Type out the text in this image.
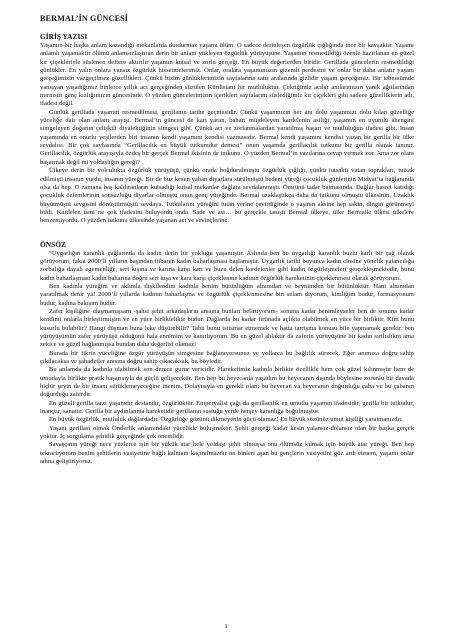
BERMAL’İN GÜNCESİ
GİRİŞ YAZISI

Yaşamın bir başka anlam kazandığı mekanlarda durdurmaz yaşamı ölüm. O sadece derinleşen özgürlük çığlığında ince bir kavşaktır. Yaşamı anlamlı yaşamaktır ölümü anlamsızlaştıran derin bir anlam yükleyen özgürlük yürüyüşüne. Yaşamın resmedildiği özenle hazırlanan en güzel kır çiçekleriyle süslenen deftere aktırılır yaşamın kutsal ve zorlu gerçeği. En büyük değerlerden biridir. Gerillada güncelerin resmedildiği günlükler. En yalın onlara yansız özgürlük hissetmelerimiz. Onlar, oralara yaşamımızın gizemli perdesini ve onlar bir daha anlatır yaşam gerçeğimizin vazgeçilmez güzellikleri. Çünkü bizim günlüklerimizin sayfalarına satır aralarında gizlidir yaşam gerçeğimiz. Bir tebessümde yansıyan yaşadığımız binlerce yıllık acı gerçeğinden süzülen Kürdistani bir mutluluktur. Çektiğimiz acılar anılarımızın yanık ağıtlarından mırnıstır genç kızlığımızın güncesinde. O yüzden güncelerimizin içerikleri sayfalarını süslediğimiz kır çiçekleri gibi sadece güzelliklerin adı, ifadesi değil.

Günlük gerillada yaşamın resmedilmesi, gerillanın tarihe geçmesidir. Çünkü yaşanmızın her anı dolu yaşanmızı dolu kılan güzelliğe yüceliğe dair olan anlam arayışı. Bermal’in güncesi de kari yaran, baharı müjdeleyen kardelenin asiliği, yaşamın en uyumlu ahengini simgeleyen doğanın çelişkili diyalektiğinin simgesi gibi. Çünkü acı ve zorlanmalardan yaratılmış başarı ve mutluluğun ifadesi gibi. İnsan yaşamında en onurlu yeşilerden biri insanın kendi yaşamını kendisi yazmasıdır. Bermal kendi yaşamını kendisi yazan bir gerilla bir ülke sevdalısı. Bir çok sayfasında “Gerillacılık en büyük tutkumdur demesi” onun yaşamda gerillacılık tutkunu bir gerilla olarak tanınır. Gerillacılık, özgürlük arayışıyla özdeş bir gerçek Bermal ikisinin de tutkunu. O yüzden Bermal’in yazılarına cevap vermek zor. Ama zor olanı başarmak değil mi yoldaşlığın gereği?

Ülkeye derin bir yolculukta özgürlük yürüyüşü, çünkü orada boğdurulmuştu özgürlük çığlığı, çünkü tutsaktı vatan toprakları, tutsak edilmişti insanın yurdu, insanın yüreği. Bir de buz kesen yaban diyarlara sürülmüştü bedeni yüreği çocukluk günlerinin Midyat’ta bağlanında olsa da hep. O zamana baş kaldıranların kutsadığı kutsal mekanlar dağlara sevdalanmıştı. Ömrünü tadar batmasında. Dağlar hasret katıdığı çocukluk özlemlerinin sonsuzluğu diyarlar olmuştu onun genç yüreğinde. Bermal uzaklaştıkça daha da tutkunu olmuştu ülkesinin. Uzaklık büyütmüştü sevgisini dönüştürmüştü sevdaya. Tutkularını yüreğini tutan yerine çevirdiğinde o yaşının aksine hep sakin, dingin görünmeyi bildi. Kardelen ismi ne çok ifadesini buluyordu onda. Sade ve asi… bu gerçekle tanıştı Bermal ülkeye, ülke Bermalle ülkesi ülkelere benzemiyordu. O yüzden tutkunu ülkesinde yaşanan acı ve sevinçlerine.

ÖNSÖZ

“Uygarlığın karanlık çağlarında da kadın derin bir yokluğu yaşamıştır. Aslında ben bu uygarlığı karanlık buzlu karlı bir çağ olarak görüyorum, fakat 2000’li yılların başından itibaren kadın baharlaşması başlamıştır. Uygarlık tarihi boyunca kadın cinsine yönelik yalancılığa zorbalığa dayalı egemenliğe, sert kışına ve karına karşı karı ve buzu delen kardelenler gibi kadın özgürleşmeleri gerçekleşmektedir, bunu kadın baharlaşması kadın baharına doğru sert kışa ve kara karşı çiçeklenme kadının özgürlük hareketinin çiçeklenmesi olarak görüyorum.

Ben kadınla yüreğim ve aklımla ilişkilendim kadınla benim bütünlüğüm alnımdan ve beynimden bir bütünlüktür. Hani alnımdan yaratılmak denir ya! 2000’li yıllarda kadının baharlaşma ve özgürlük çiçeklenmesine bin selam diyorum, kimliğim budur, formasyonum budur, kadına bakışım budur.

Zafer kişiliğine ulaşmamışsam -şahsi şehit arkadaşların anısına bunları belirtiyorum- sonuna kadar benimleyseler ben de sonuna kadar kendimi onlarla birleştirmişim ve en yüce birliktelikte budur. Dağlarda bu kadar firtınada açlıkta olabilmek en yüce bir birliktir. Kim bunu kusurlu bulabilir? Hangi düşman buna leke düşürebilir? Tabii bunu istismar etmemek ve hatta tarrişma konusu bile yapmamak gerekir. ben yürüyüşümün zafer yürüyüşü olduğunu hala ennimim ve kanıtlıyorum. Bu en güzel ahlaktır da zaferin yürüyüşüne bir kadın sırtlıslıkm ama zekice ve güzel bağlanmışsa bundan daha değerlisi olamaz!

Burada bir fikrin yüceliğine özgür yürüyüşün simgesine bağlanıyorsunuz ve yollarca bu bağlılık sürecek. Eğer anımıza doğru sahip çıkılacaksa ve şahadetler anısına doğru sahip çıkacaksak, bu böyledir.

Bu anlamda da kadınla olabilmek son derece gurur vericidir. Hareketimiz kadınla birlikte özellikle hem çok güzel kılınmıştır hem de umudayla birlikte pratik başarısıyla da güçlü gelişecektir. Ben hep bu heyecanla yaşadım bu heyecanın dışında böylesine zorunlu bir davada hiçbir şeyin de bir insanı sürüklemeyeceğine inenim. Dolayısıyla en gerekli olan; bu heyecan va heyecanın doğurduğu çaba ve bu çabanın doğurduğu zaferdir.

En güzeli gerilla tarzı yaşamdır destandır, özgürlüktür. Emperyalist çağı da gerillacılık en umutlu yaşamın ifadesidir, gerilla bir tutkudur, inançtır, sanattır. Gerilla bir aydınlanma hareketidir gerillanın sustuğu yerde herşey karanlığa boğulmuştur.

En büyük özgürlük, mutluluk dağlardadır. Özgürlüğe gözünü dikmeyenin gücü olamaz! En büyük sözünüz umut kişiliği yaratmanızdır.

Yaşam gerillası olmak Önderlik anlamındaki yücelikle buluşmaktır. Şehit gerçeği kadar kesin yalansız-dolansız olan bir başka gerçek yoktur. İç sorgulama şehitlik gerçeğinde çok önemlidir.

Savaşçının yüreği nece yüzlerce işin bir yükük atar hele yoldaşı şehit olmuşsa onu ölümsüz kılmak için büyük atar yüreği. Ben hep tekrarlıyorum benim şehitlerin vasiyetine bağlı kalmam kaçınılmazdır on binleri aşan bu gençlerin vasiyetini göz ardı etmem, yaşamı onlar adına geliştiriyoruz.

1
